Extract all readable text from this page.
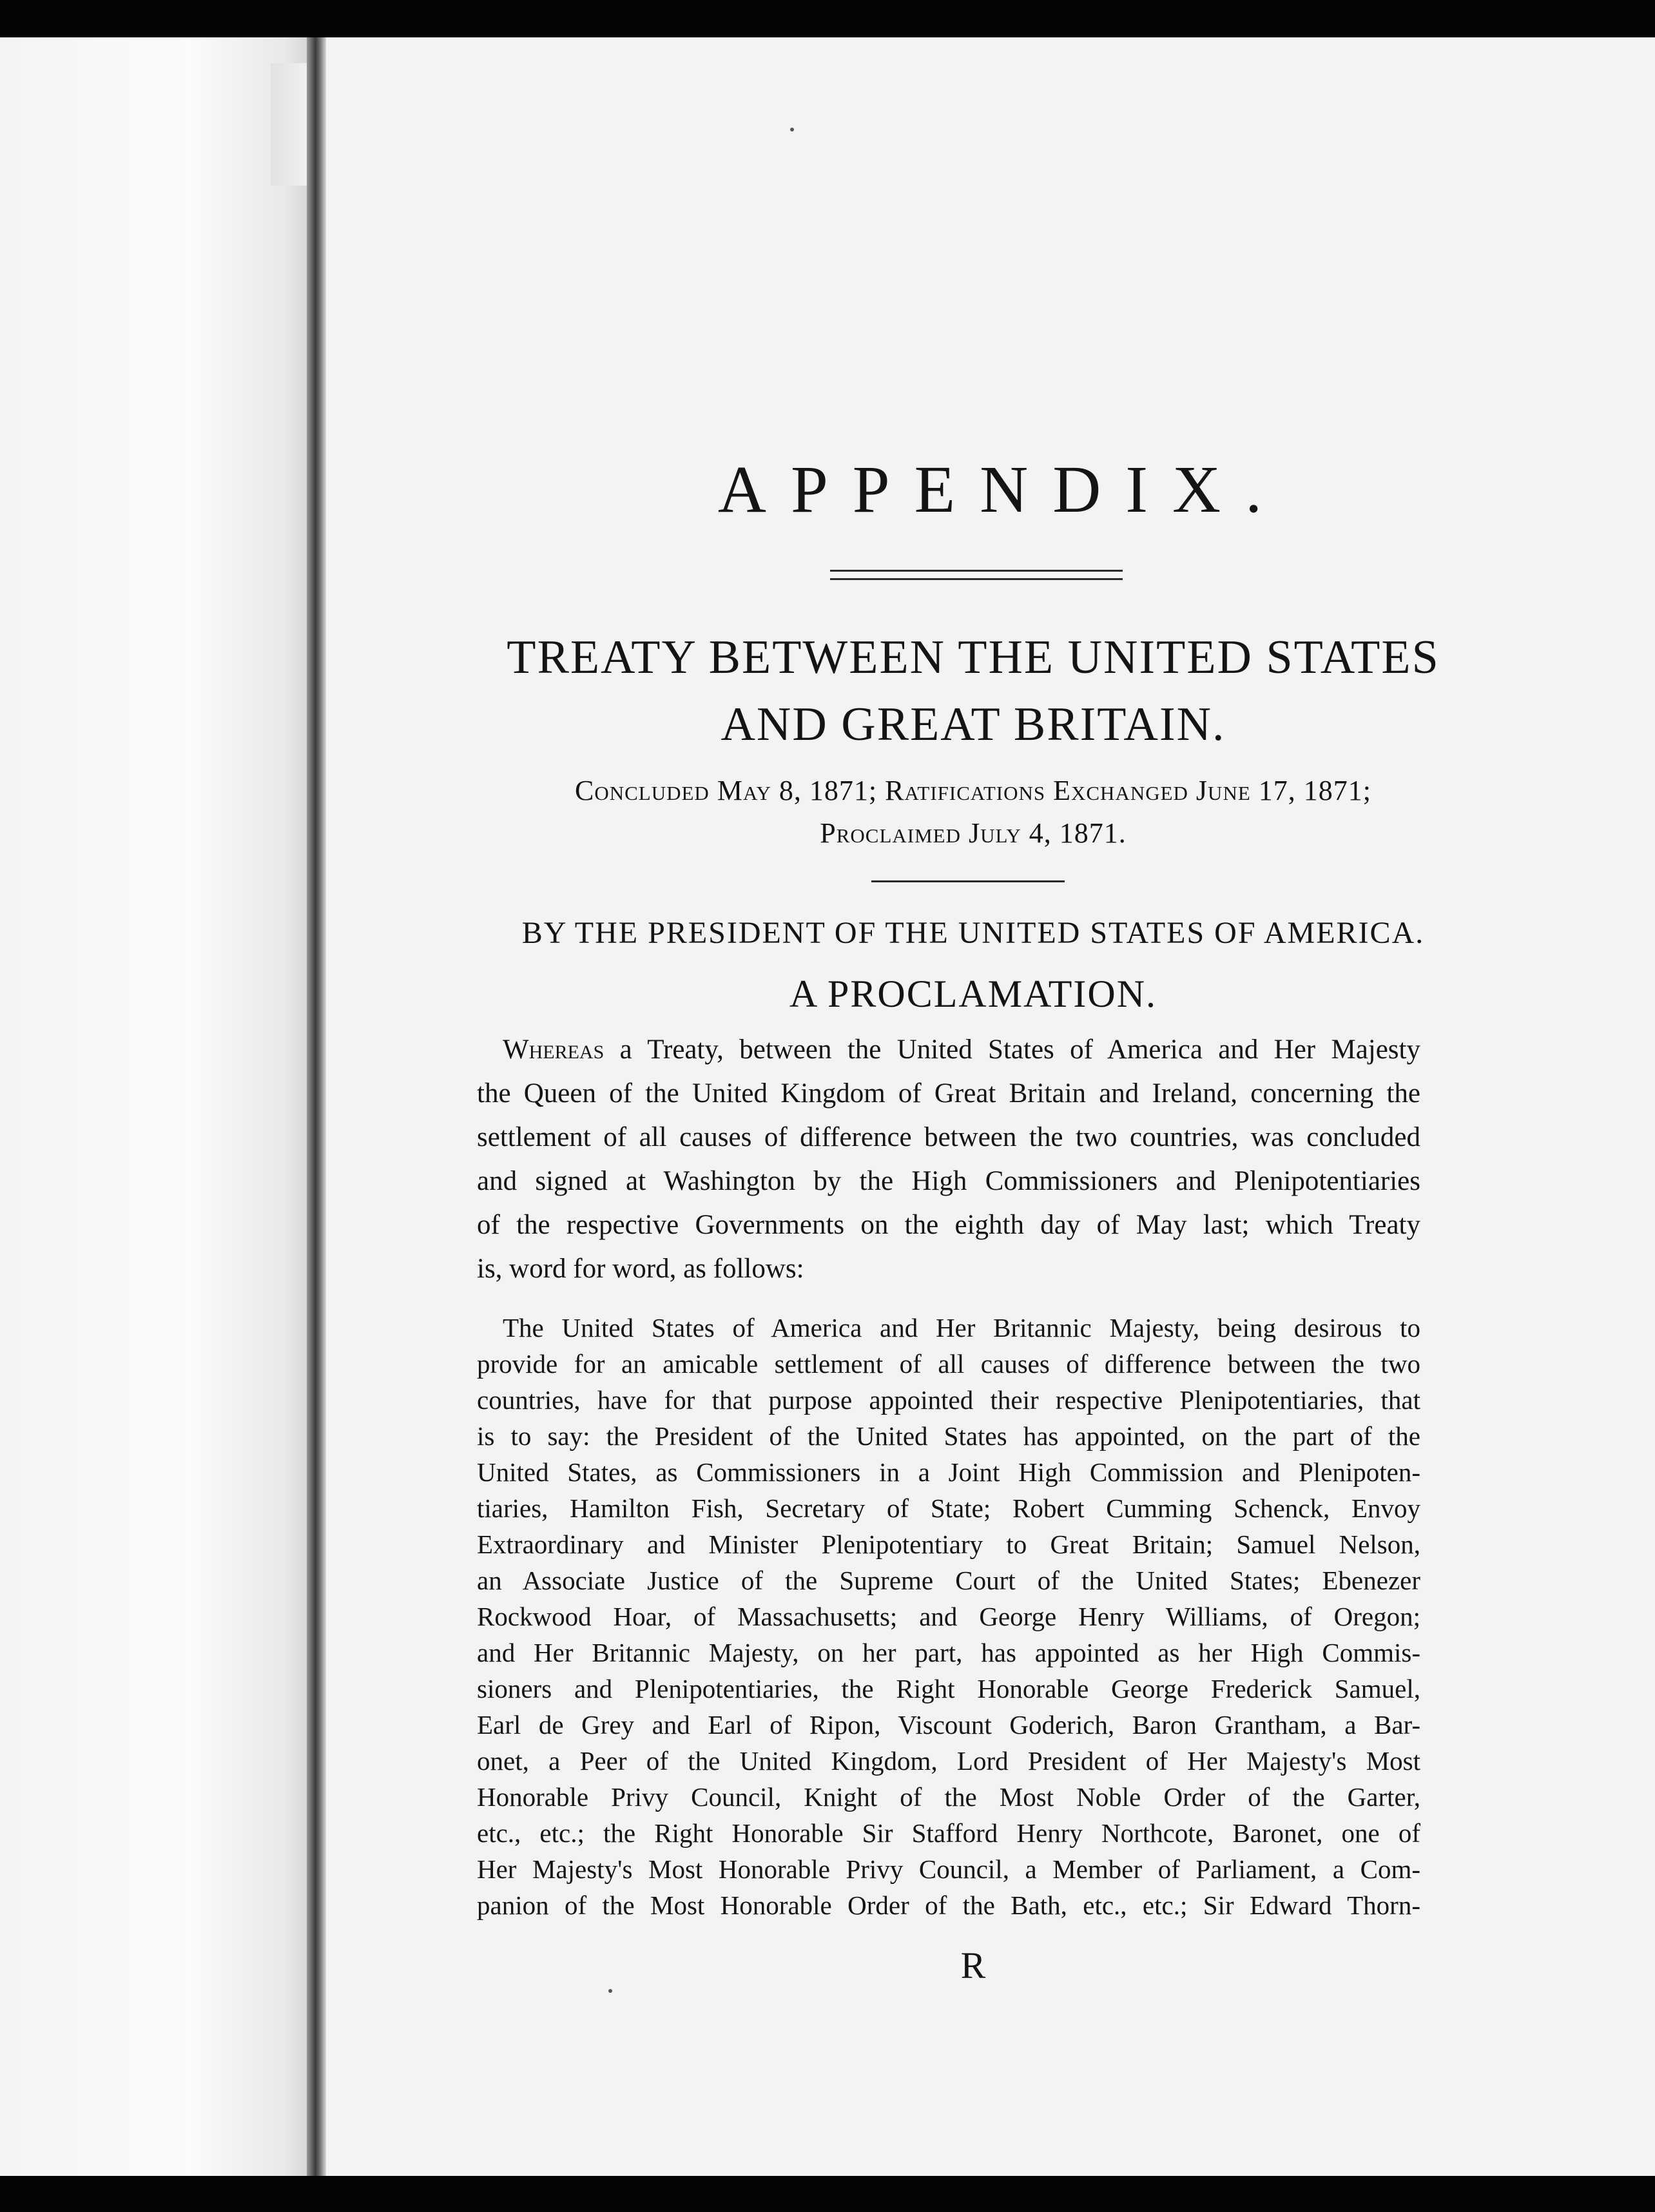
APPENDIX.
TREATY BETWEEN THE UNITED STATES
AND GREAT BRITAIN.
Concluded May 8, 1871; Ratifications Exchanged June 17, 1871;
Proclaimed July 4, 1871.
BY THE PRESIDENT OF THE UNITED STATES OF AMERICA.
A PROCLAMATION.
Whereas a Treaty, between the United States of America and Her Majesty
the Queen of the United Kingdom of Great Britain and Ireland, concerning the
settlement of all causes of difference between the two countries, was concluded
and signed at Washington by the High Commissioners and Plenipotentiaries
of the respective Governments on the eighth day of May last; which Treaty
is, word for word, as follows:
The United States of America and Her Britannic Majesty, being desirous to
provide for an amicable settlement of all causes of difference between the two
countries, have for that purpose appointed their respective Plenipotentiaries, that
is to say: the President of the United States has appointed, on the part of the
United States, as Commissioners in a Joint High Commission and Plenipoten-
tiaries, Hamilton Fish, Secretary of State; Robert Cumming Schenck, Envoy
Extraordinary and Minister Plenipotentiary to Great Britain; Samuel Nelson,
an Associate Justice of the Supreme Court of the United States; Ebenezer
Rockwood Hoar, of Massachusetts; and George Henry Williams, of Oregon;
and Her Britannic Majesty, on her part, has appointed as her High Commis-
sioners and Plenipotentiaries, the Right Honorable George Frederick Samuel,
Earl de Grey and Earl of Ripon, Viscount Goderich, Baron Grantham, a Bar-
onet, a Peer of the United Kingdom, Lord President of Her Majesty's Most
Honorable Privy Council, Knight of the Most Noble Order of the Garter,
etc., etc.; the Right Honorable Sir Stafford Henry Northcote, Baronet, one of
Her Majesty's Most Honorable Privy Council, a Member of Parliament, a Com-
panion of the Most Honorable Order of the Bath, etc., etc.; Sir Edward Thorn-
R
